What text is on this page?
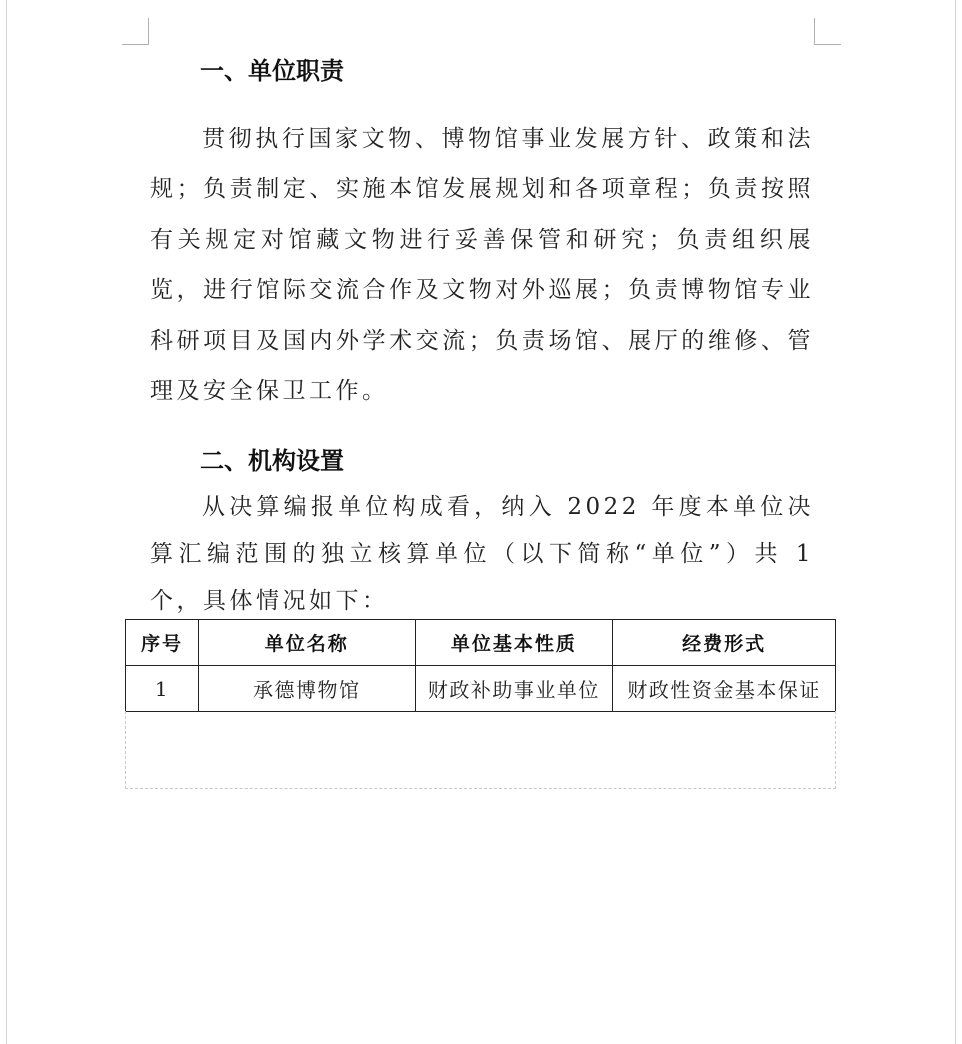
一、单位职责

贯彻执行国家文物、博物馆事业发展方针、政策和法规；负责制定、实施本馆发展规划和各项章程；负责按照有关规定对馆藏文物进行妥善保管和研究；负责组织展览，进行馆际交流合作及文物对外巡展；负责博物馆专业科研项目及国内外学术交流；负责场馆、展厅的维修、管理及安全保卫工作。

二、机构设置

从决算编报单位构成看，纳入 2022 年度本单位决算汇编范围的独立核算单位（以下简称“单位”）共 1 个，具体情况如下：

序号	单位名称	单位基本性质	经费形式
1	承德博物馆	财政补助事业单位	财政性资金基本保证
